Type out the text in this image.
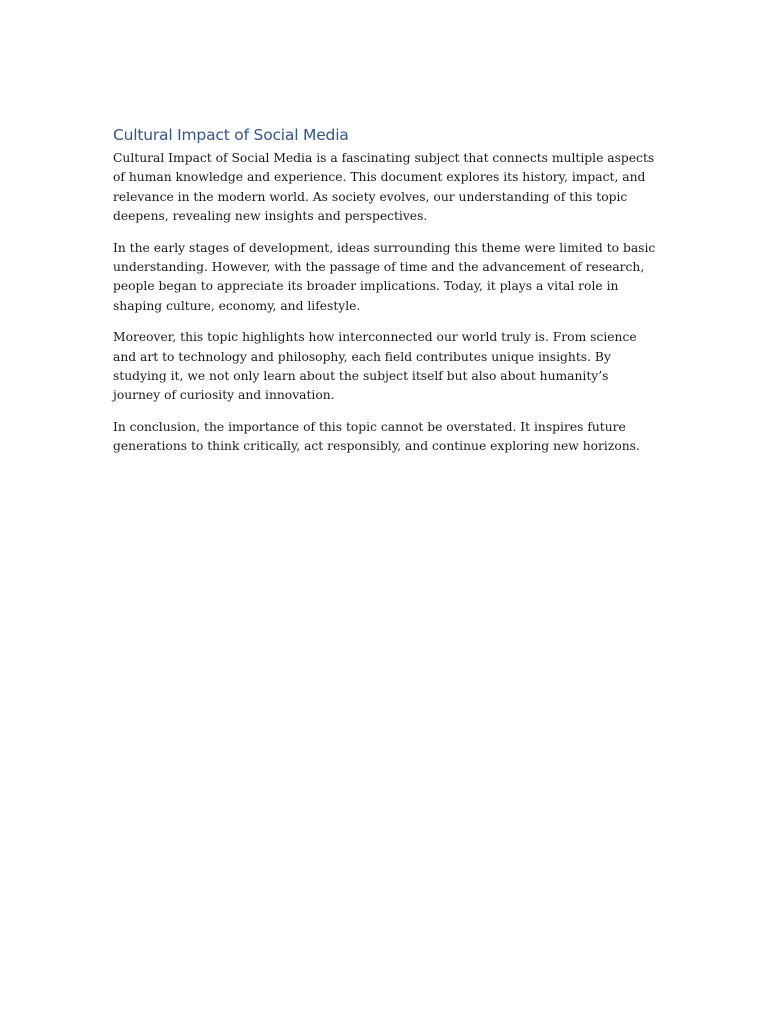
Cultural Impact of Social Media

Cultural Impact of Social Media is a fascinating subject that connects multiple aspects of human knowledge and experience. This document explores its history, impact, and relevance in the modern world. As society evolves, our understanding of this topic deepens, revealing new insights and perspectives.

In the early stages of development, ideas surrounding this theme were limited to basic understanding. However, with the passage of time and the advancement of research, people began to appreciate its broader implications. Today, it plays a vital role in shaping culture, economy, and lifestyle.

Moreover, this topic highlights how interconnected our world truly is. From science and art to technology and philosophy, each field contributes unique insights. By studying it, we not only learn about the subject itself but also about humanity’s journey of curiosity and innovation.

In conclusion, the importance of this topic cannot be overstated. It inspires future generations to think critically, act responsibly, and continue exploring new horizons.
